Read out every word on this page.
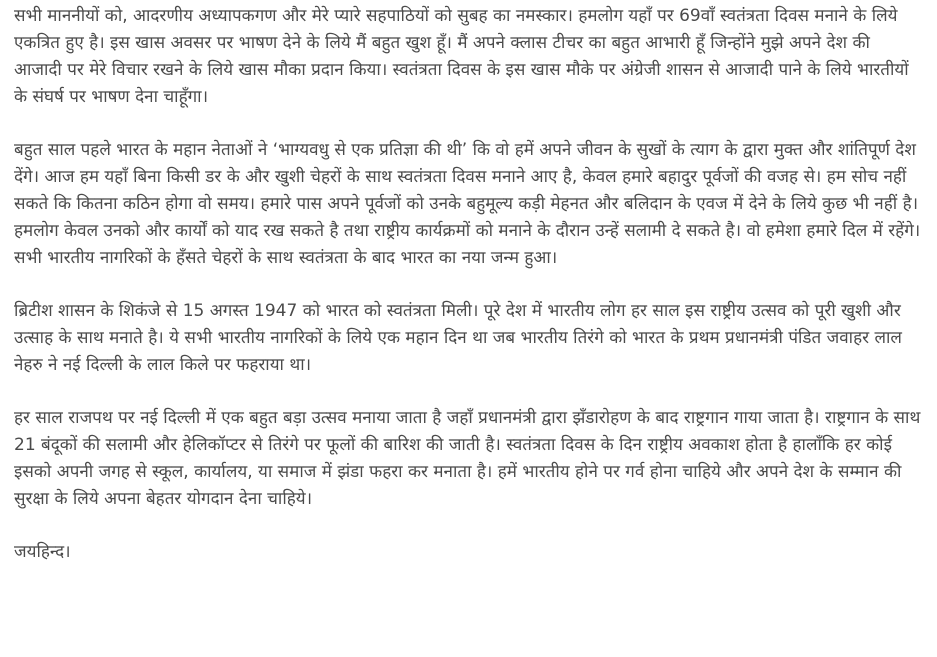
सभी माननीयों को, आदरणीय अध्यापकगण और मेरे प्यारे सहपाठियों को सुबह का नमस्कार। हमलोग यहाँ पर 69वाँ स्वतंत्रता दिवस मनाने के लिये एकत्रित हुए है। इस खास अवसर पर भाषण देने के लिये मैं बहुत खुश हूँ। मैं अपने क्लास टीचर का बहुत आभारी हूँ जिन्होंने मुझे अपने देश की आजादी पर मेरे विचार रखने के लिये खास मौका प्रदान किया। स्वतंत्रता दिवस के इस खास मौके पर अंग्रेजी शासन से आजादी पाने के लिये भारतीयों के संघर्ष पर भाषण देना चाहूँगा।

बहुत साल पहले भारत के महान नेताओं ने ‘भाग्यवधु से एक प्रतिज्ञा की थी’ कि वो हमें अपने जीवन के सुखों के त्याग के द्वारा मुक्त और शांतिपूर्ण देश देंगे। आज हम यहाँ बिना किसी डर के और खुशी चेहरों के साथ स्वतंत्रता दिवस मनाने आए है, केवल हमारे बहादुर पूर्वजों की वजह से। हम सोच नहीं सकते कि कितना कठिन होगा वो समय। हमारे पास अपने पूर्वजों को उनके बहुमूल्य कड़ी मेहनत और बलिदान के एवज में देने के लिये कुछ भी नहीं है। हमलोग केवल उनको और कार्यों को याद रख सकते है तथा राष्ट्रीय कार्यक्रमों को मनाने के दौरान उन्हें सलामी दे सकते है। वो हमेशा हमारे दिल में रहेंगे। सभी भारतीय नागरिकों के हँसते चेहरों के साथ स्वतंत्रता के बाद भारत का नया जन्म हुआ।

ब्रिटीश शासन के शिकंजे से 15 अगस्त 1947 को भारत को स्वतंत्रता मिली। पूरे देश में भारतीय लोग हर साल इस राष्ट्रीय उत्सव को पूरी खुशी और उत्साह के साथ मनाते है। ये सभी भारतीय नागरिकों के लिये एक महान दिन था जब भारतीय तिरंगे को भारत के प्रथम प्रधानमंत्री पंडित जवाहर लाल नेहरु ने नई दिल्ली के लाल किले पर फहराया था।

हर साल राजपथ पर नई दिल्ली में एक बहुत बड़ा उत्सव मनाया जाता है जहाँ प्रधानमंत्री द्वारा झँडारोहण के बाद राष्ट्रगान गाया जाता है। राष्ट्रगान के साथ 21 बंदूकों की सलामी और हेलिकॉप्टर से तिरंगे पर फूलों की बारिश की जाती है। स्वतंत्रता दिवस के दिन राष्ट्रीय अवकाश होता है हालाँकि हर कोई इसको अपनी जगह से स्कूल, कार्यालय, या समाज में झंडा फहरा कर मनाता है। हमें भारतीय होने पर गर्व होना चाहिये और अपने देश के सम्मान की सुरक्षा के लिये अपना बेहतर योगदान देना चाहिये।

जयहिन्द।
